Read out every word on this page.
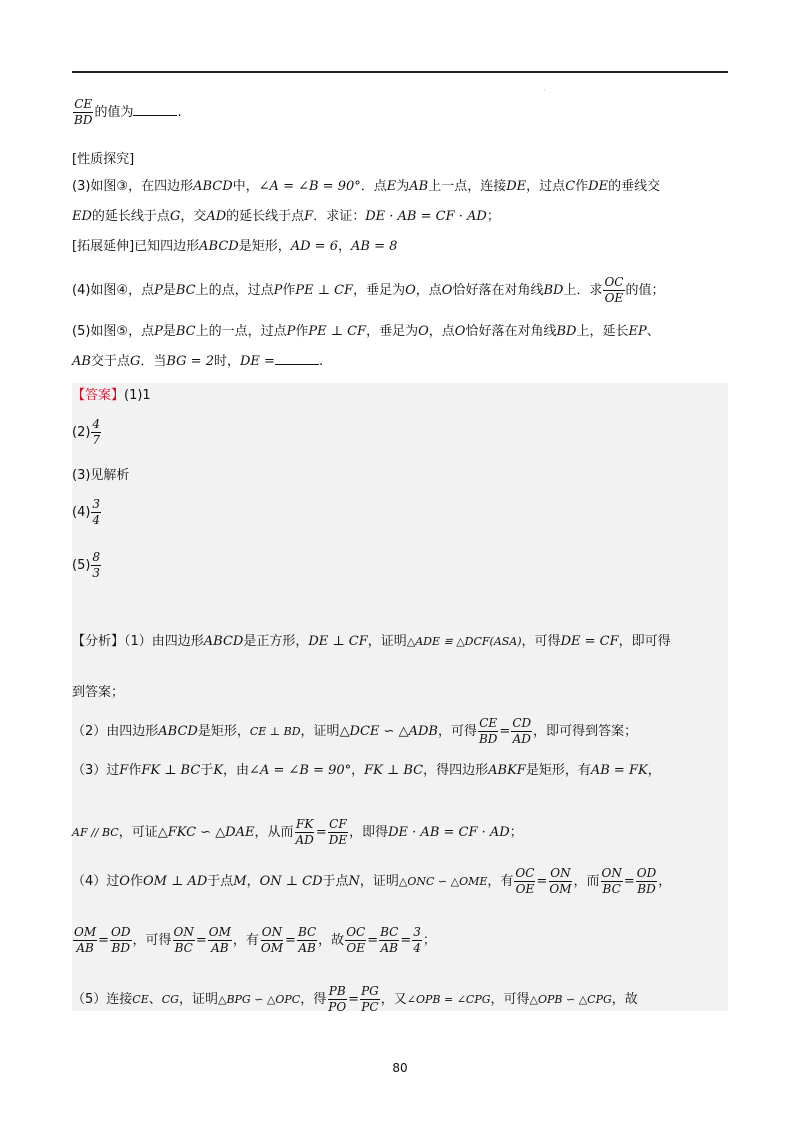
·
$\frac{CE}{BD}$ 的值为	.
[性质探究]
(3)如图③，在四边形ABCD中，∠A = ∠B = 90°．点E为AB上一点，连接DE，过点C作DE的垂线交
ED的延长线于点G，交AD的延长线于点F．求证：DE · AB = CF · AD；
[拓展延伸]已知四边形ABCD是矩形，AD = 6，AB = 8
(4)如图④，点P是BC上的点，过点P作PE ⊥ CF，垂足为O，点O恰好落在对角线BD上．求 $\frac{OC}{OE}$ 的值；
(5)如图⑤，点P是BC上的一点，过点P作PE ⊥ CF，垂足为O，点O恰好落在对角线BD上，延长EP、
AB交于点G．当BG = 2时，DE =	.
【答案】(1)1
$(2) \frac{4}{7}$
(3)见解析
$(4) \frac{3}{4}$
$(5) \frac{8}{3}$
【分析】（1）由四边形ABCD是正方形，DE ⊥ CF，证明△ADE ≌ △DCF(ASA)，可得DE = CF，即可得
到答案；
（2）由四边形ABCD是矩形，CE ⊥ BD，证明△DCE ∽ △ADB，可得 $\frac{CE}{BD} = \frac{CD}{AD}$ ，即可得到答案；
（3）过F作FK ⊥ BC于K，由∠A = ∠B = 90°，FK ⊥ BC，得四边形ABKF是矩形，有AB = FK，
AF // BC，可证△FKC ∽ △DAE，从而 $\frac{FK}{AD} = \frac{CF}{DE}$ ，即得DE · AB = CF · AD；
（4）过O作OM ⊥ AD于点M，ON ⊥ CD于点N，证明△ONC ∽ △OME，有 $\frac{OC}{OE} = \frac{ON}{OM}$ ，而 $\frac{ON}{BC} = \frac{OD}{BD}$ ，
$\frac{OM}{AB} = \frac{OD}{BD}$ ，可得 $\frac{ON}{BC} = \frac{OM}{AB}$ ，有 $\frac{ON}{OM} = \frac{BC}{AB}$ ，故 $\frac{OC}{OE} = \frac{BC}{AB} = \frac{3}{4}$ ；
（5）连接CE、CG，证明△BPG ∽ △OPC，得 $\frac{PB}{PO} = \frac{PG}{PC}$ ，又∠OPB = ∠CPG，可得△OPB ∽ △CPG，故
80
